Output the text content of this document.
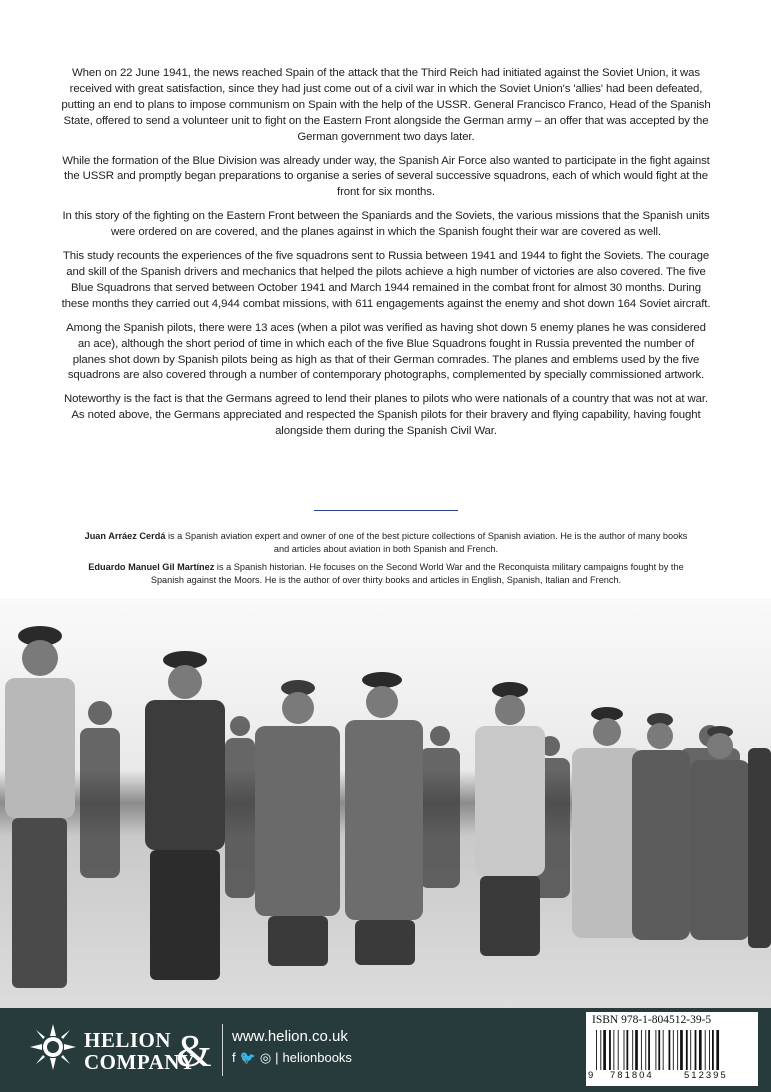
When on 22 June 1941, the news reached Spain of the attack that the Third Reich had initiated against the Soviet Union, it was received with great satisfaction, since they had just come out of a civil war in which the Soviet Union's 'allies' had been defeated, putting an end to plans to impose communism on Spain with the help of the USSR. General Francisco Franco, Head of the Spanish State, offered to send a volunteer unit to fight on the Eastern Front alongside the German army – an offer that was accepted by the German government two days later.

While the formation of the Blue Division was already under way, the Spanish Air Force also wanted to participate in the fight against the USSR and promptly began preparations to organise a series of several successive squadrons, each of which would fight at the front for six months.

In this story of the fighting on the Eastern Front between the Spaniards and the Soviets, the various missions that the Spanish units were ordered on are covered, and the planes against in which the Spanish fought their war are covered as well.

This study recounts the experiences of the five squadrons sent to Russia between 1941 and 1944 to fight the Soviets. The courage and skill of the Spanish drivers and mechanics that helped the pilots achieve a high number of victories are also covered. The five Blue Squadrons that served between October 1941 and March 1944 remained in the combat front for almost 30 months. During these months they carried out 4,944 combat missions, with 611 engagements against the enemy and shot down 164 Soviet aircraft.

Among the Spanish pilots, there were 13 aces (when a pilot was verified as having shot down 5 enemy planes he was considered an ace), although the short period of time in which each of the five Blue Squadrons fought in Russia prevented the number of planes shot down by Spanish pilots being as high as that of their German comrades. The planes and emblems used by the five squadrons are also covered through a number of contemporary photographs, complemented by specially commissioned artwork.

Noteworthy is the fact is that the Germans agreed to lend their planes to pilots who were nationals of a country that was not at war. As noted above, the Germans appreciated and respected the Spanish pilots for their bravery and flying capability, having fought alongside them during the Spanish Civil War.

Juan Arráez Cerdá is a Spanish aviation expert and owner of one of the best picture collections of Spanish aviation. He is the author of many books and articles about aviation in both Spanish and French.

Eduardo Manuel Gil Martínez is a Spanish historian. He focuses on the Second World War and the Reconquista military campaigns fought by the Spanish against the Moors. He is the author of over thirty books and articles in English, Spanish, Italian and French.

HELION
COMPANY
& www.helion.co.uk
f 🐦 ◎ | helionbooks
ISBN 978-1-804512-39-5
9 781804	512395
